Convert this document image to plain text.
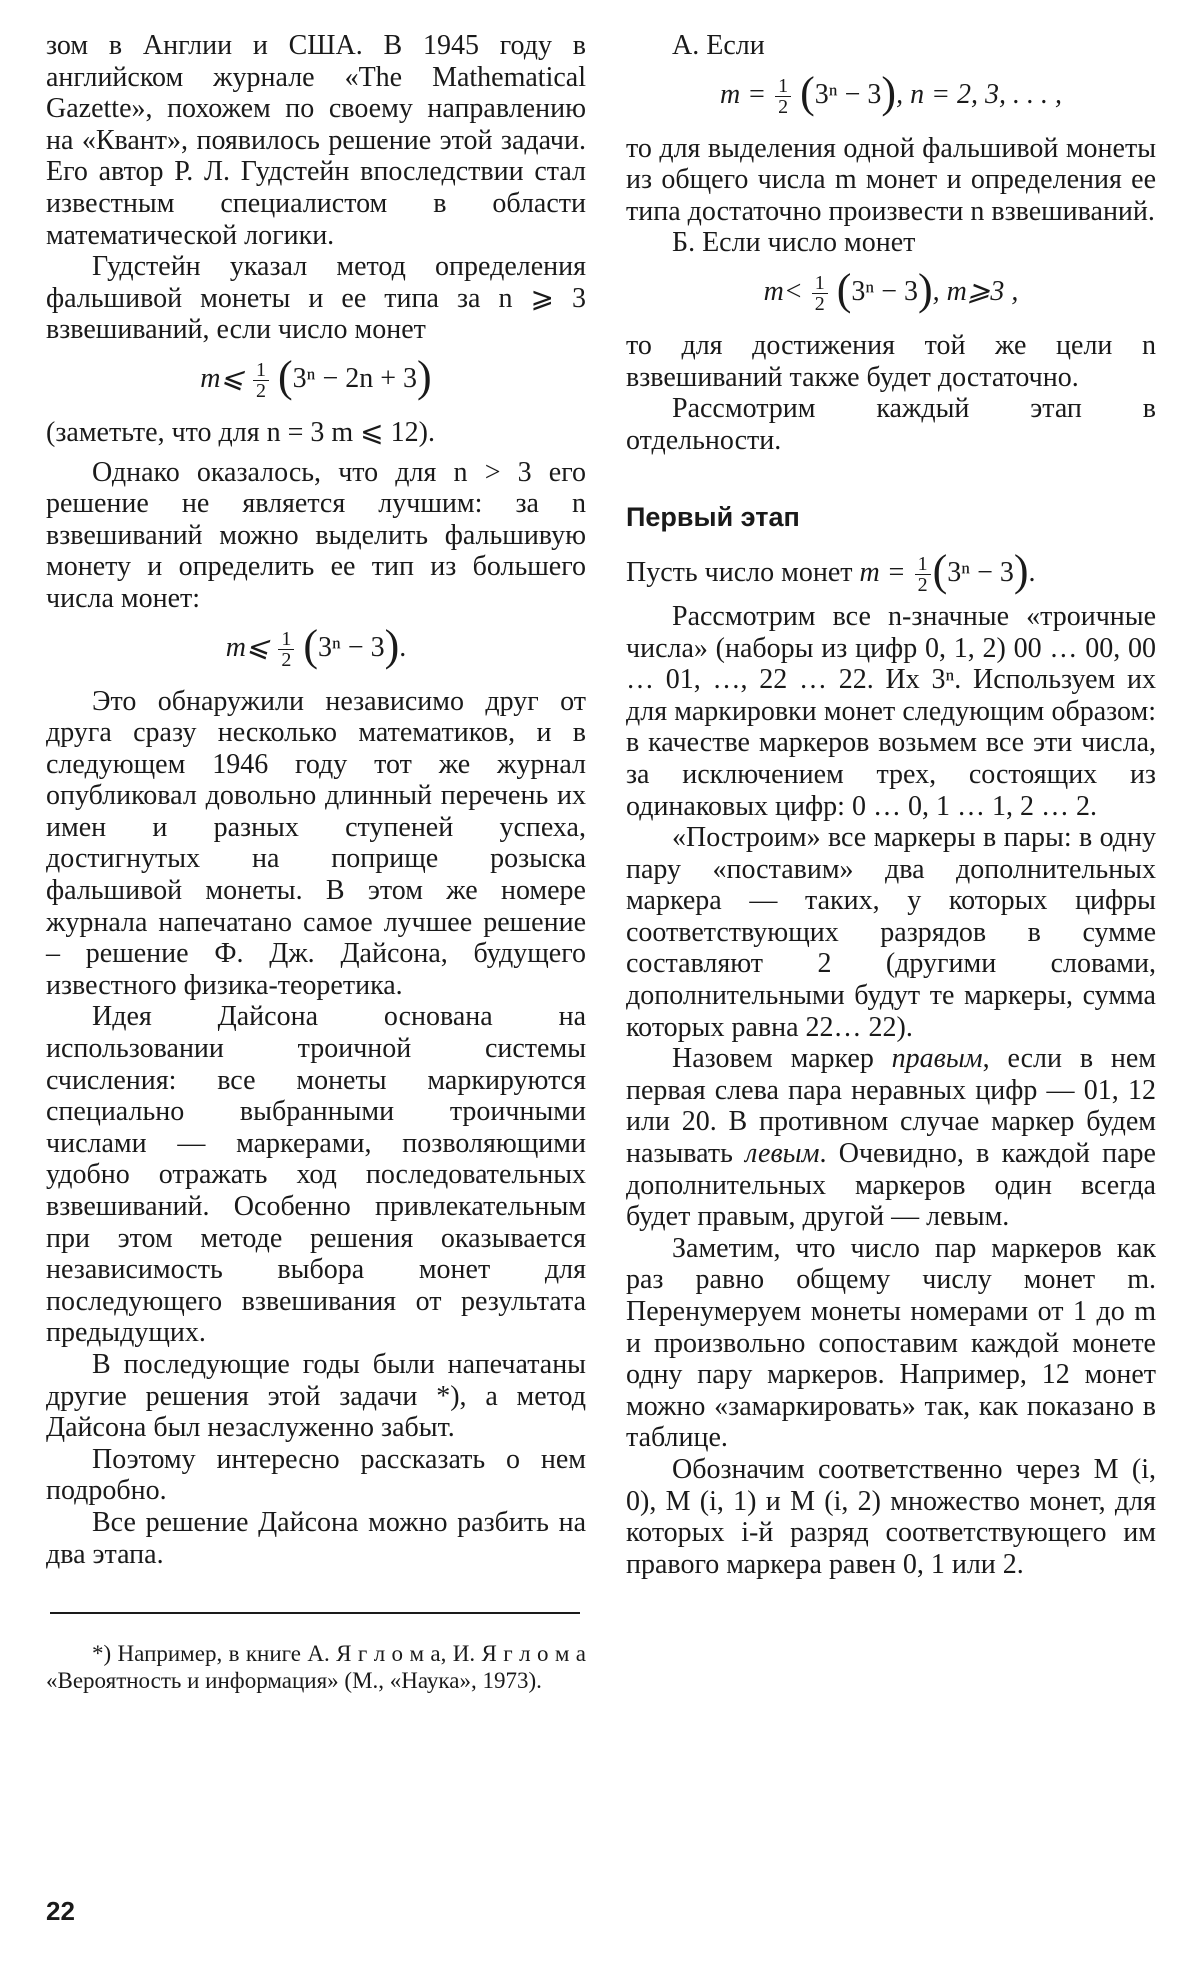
зом в Англии и США. В 1945 году в английском журнале «The Mathematical Gazette», похожем по своему направлению на «Квант», появилось решение этой задачи. Его автор Р. Л. Гудстейн впоследствии стал известным специалистом в области математической логики.

Гудстейн указал метод определения фальшивой монеты и ее типа за n ⩾ 3 взвешиваний, если число монет

m⩽ $\frac{1}{2} (3^n - 2n + 3)$

(заметьте, что для n = 3 m ⩽ 12).

Однако оказалось, что для n > 3 его решение не является лучшим: за n взвешиваний можно выделить фальшивую монету и определить ее тип из большего числа монет:

m⩽ $\frac{1}{2} (3^n - 3)$.

Это обнаружили независимо друг от друга сразу несколько математиков, и в следующем 1946 году тот же журнал опубликовал довольно длинный перечень их имен и разных ступеней успеха, достигнутых на поприще розыска фальшивой монеты. В этом же номере журнала напечатано самое лучшее решение – решение Ф. Дж. Дайсона, будущего известного физика-теоретика.

Идея Дайсона основана на использовании троичной системы счисления: все монеты маркируются специально выбранными троичными числами — маркерами, позволяющими удобно отражать ход последовательных взвешиваний. Особенно привлекательным при этом методе решения оказывается независимость выбора монет для последующего взвешивания от результата предыдущих.

В последующие годы были напечатаны другие решения этой задачи *), а метод Дайсона был незаслуженно забыт.

Поэтому интересно рассказать о нем подробно.

Все решение Дайсона можно разбить на два этапа.

*) Например, в книге А. Я г л о м а, И. Я г л о м а «Вероятность и информация» (М., «Наука», 1973).

А. Если

$m = \frac{1}{2} (3^n - 3)$, n = 2, 3, . . . ,

то для выделения одной фальшивой монеты из общего числа m монет и определения ее типа достаточно произвести n взвешиваний.

Б. Если число монет

$m< \frac{1}{2} (3^n - 3)$, m⩾3 ,

то для достижения той же цели n взвешиваний также будет достаточно.

Рассмотрим каждый этап в отдельности.

Первый этап

Пусть число монет $m = \frac{1}{2} (3^n - 3)$.

Рассмотрим все n-значные «троичные числа» (наборы из цифр 0, 1, 2) 00 … 00, 00 … 01, …, 22 … 22. Их 3ⁿ. Используем их для маркировки монет следующим образом: в качестве маркеров возьмем все эти числа, за исключением трех, состоящих из одинаковых цифр: 0 … 0, 1 … 1, 2 … 2.

«Построим» все маркеры в пары: в одну пару «поставим» два дополнительных маркера — таких, у которых цифры соответствующих разрядов в сумме составляют 2 (другими словами, дополнительными будут те маркеры, сумма которых равна 22… 22).

Назовем маркер правым, если в нем первая слева пара неравных цифр — 01, 12 или 20. В противном случае маркер будем называть левым. Очевидно, в каждой паре дополнительных маркеров один всегда будет правым, другой — левым.

Заметим, что число пар маркеров как раз равно общему числу монет m. Перенумеруем монеты номерами от 1 до m и произвольно сопоставим каждой монете одну пару маркеров. Например, 12 монет можно «замаркировать» так, как показано в таблице.

Обозначим соответственно через M (i, 0), M (i, 1) и M (i, 2) множество монет, для которых i-й разряд соответствующего им правого маркера равен 0, 1 или 2.

22
